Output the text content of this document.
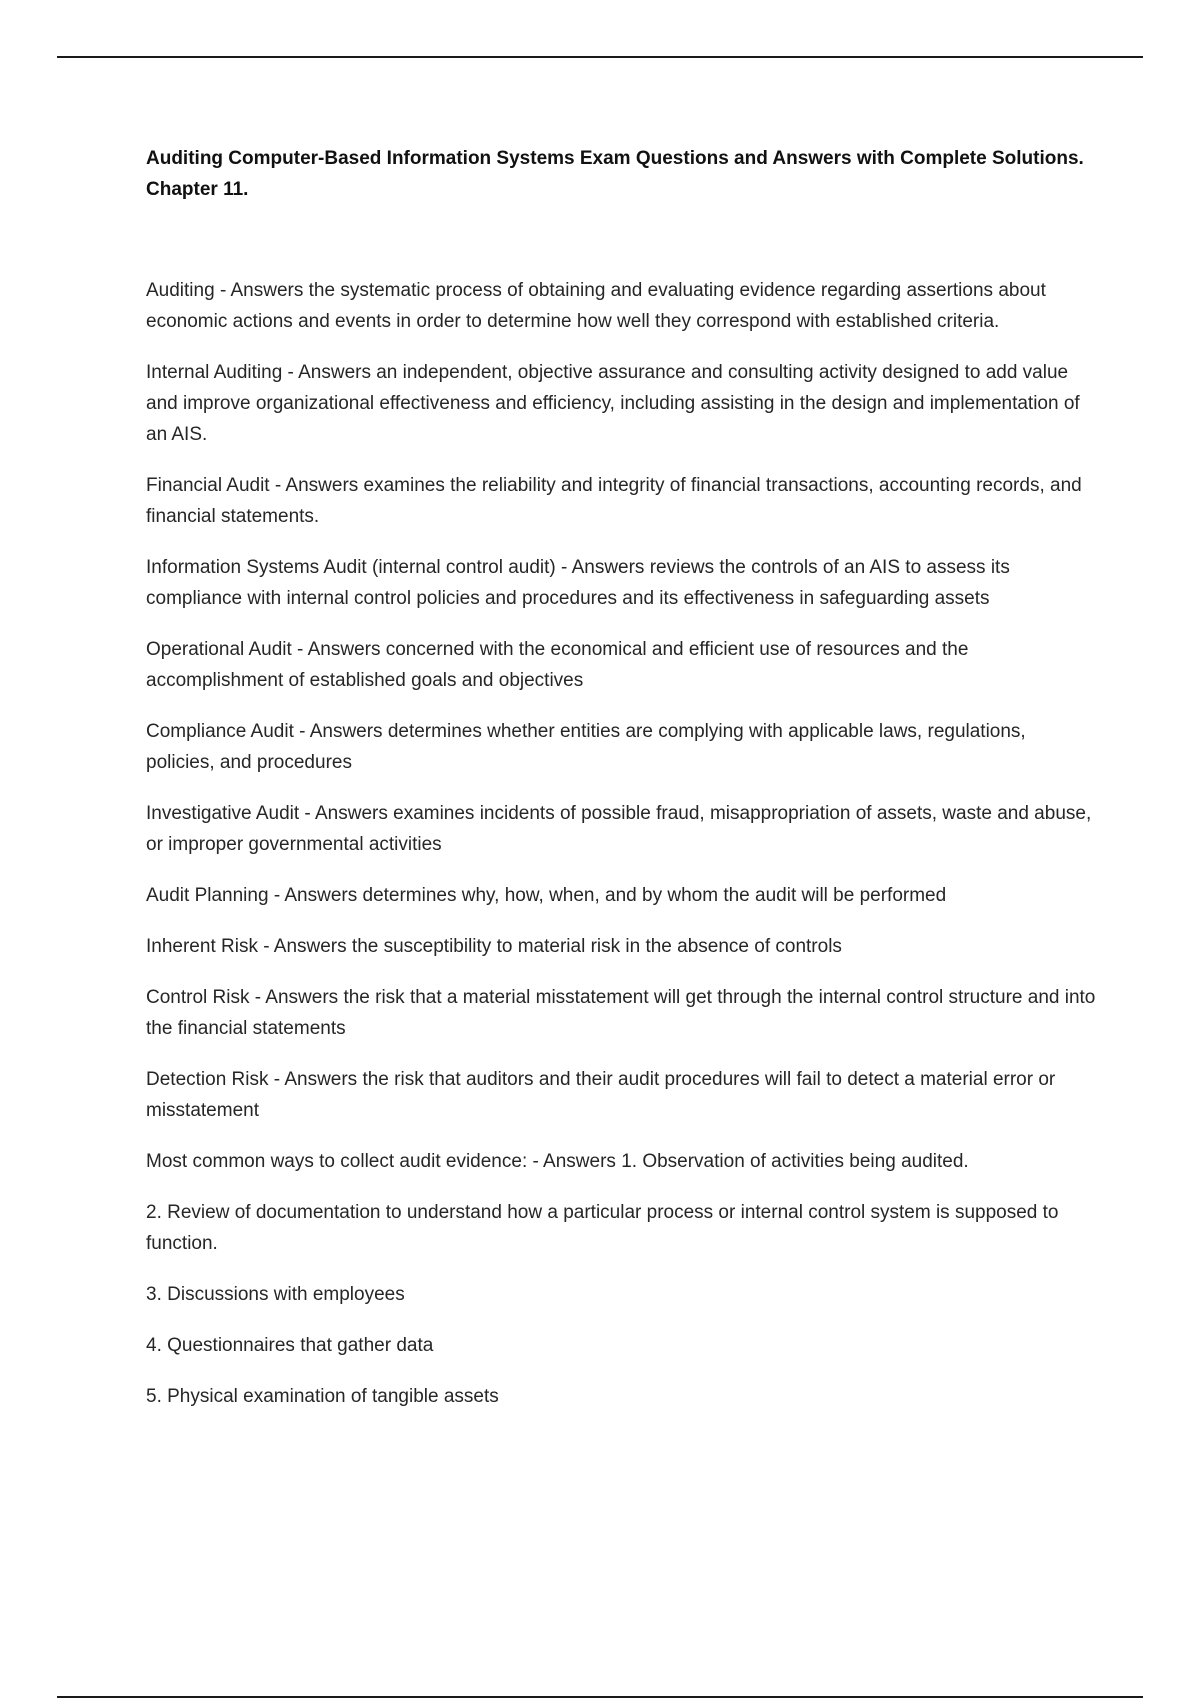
Auditing Computer-Based Information Systems Exam Questions and Answers with Complete Solutions. Chapter 11.
Auditing - Answers the systematic process of obtaining and evaluating evidence regarding assertions about economic actions and events in order to determine how well they correspond with established criteria.
Internal Auditing - Answers an independent, objective assurance and consulting activity designed to add value and improve organizational effectiveness and efficiency, including assisting in the design and implementation of an AIS.
Financial Audit - Answers examines the reliability and integrity of financial transactions, accounting records, and financial statements.
Information Systems Audit (internal control audit) - Answers reviews the controls of an AIS to assess its compliance with internal control policies and procedures and its effectiveness in safeguarding assets
Operational Audit - Answers concerned with the economical and efficient use of resources and the accomplishment of established goals and objectives
Compliance Audit - Answers determines whether entities are complying with applicable laws, regulations, policies, and procedures
Investigative Audit - Answers examines incidents of possible fraud, misappropriation of assets, waste and abuse, or improper governmental activities
Audit Planning - Answers determines why, how, when, and by whom the audit will be performed
Inherent Risk - Answers the susceptibility to material risk in the absence of controls
Control Risk - Answers the risk that a material misstatement will get through the internal control structure and into the financial statements
Detection Risk - Answers the risk that auditors and their audit procedures will fail to detect a material error or misstatement
Most common ways to collect audit evidence: - Answers 1. Observation of activities being audited.
2. Review of documentation to understand how a particular process or internal control system is supposed to function.
3. Discussions with employees
4. Questionnaires that gather data
5. Physical examination of tangible assets
